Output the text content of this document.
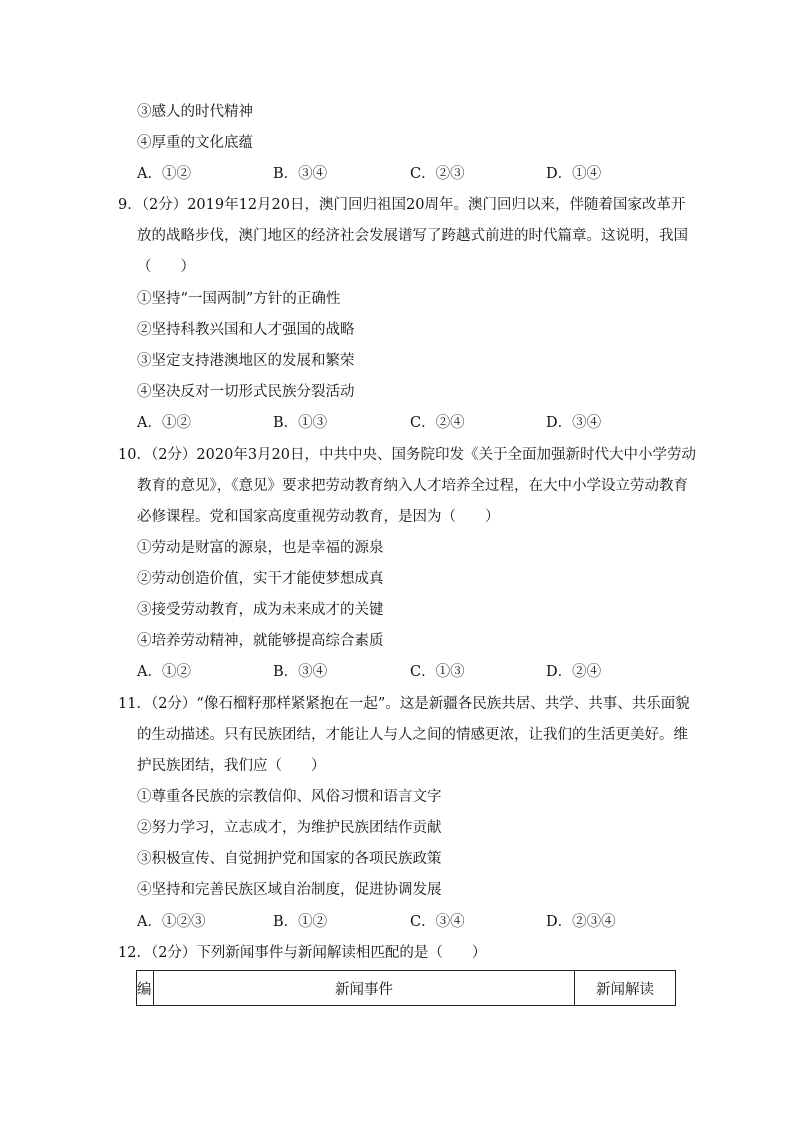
③感人的时代精神
④厚重的文化底蕴
A．①②	B．③④	C．②③	D．①④
9．（2分）2019年12月20日，澳门回归祖国20周年。澳门回归以来，伴随着国家改革开
放的战略步伐，澳门地区的经济社会发展谱写了跨越式前进的时代篇章。这说明，我国
（　　）
①坚持“一国两制”方针的正确性
②坚持科教兴国和人才强国的战略
③坚定支持港澳地区的发展和繁荣
④坚决反对一切形式民族分裂活动
A．①②	B．①③	C．②④	D．③④
10．（2分）2020年3月20日，中共中央、国务院印发《关于全面加强新时代大中小学劳动
教育的意见》，《意见》要求把劳动教育纳入人才培养全过程，在大中小学设立劳动教育
必修课程。党和国家高度重视劳动教育，是因为（　　）
①劳动是财富的源泉，也是幸福的源泉
②劳动创造价值，实干才能使梦想成真
③接受劳动教育，成为未来成才的关键
④培养劳动精神，就能够提高综合素质
A．①②	B．③④	C．①③	D．②④
11．（2分）“像石榴籽那样紧紧抱在一起”。这是新疆各民族共居、共学、共事、共乐面貌
的生动描述。只有民族团结，才能让人与人之间的情感更浓，让我们的生活更美好。维
护民族团结，我们应（　　）
①尊重各民族的宗教信仰、风俗习惯和语言文字
②努力学习，立志成才，为维护民族团结作贡献
③积极宣传、自觉拥护党和国家的各项民族政策
④坚持和完善民族区域自治制度，促进协调发展
A．①②③	B．①②	C．③④	D．②③④
12．（2分）下列新闻事件与新闻解读相匹配的是（　　）
编	新闻事件	新闻解读
